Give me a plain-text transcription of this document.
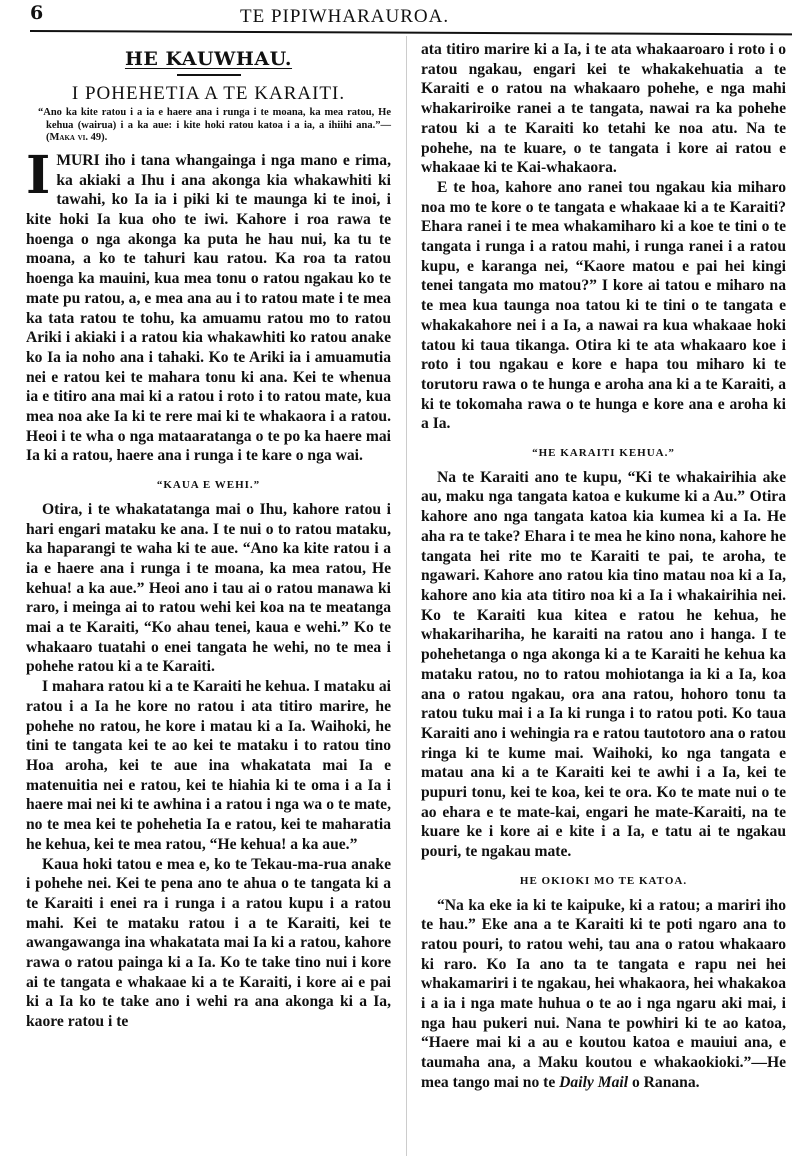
6	TE PIPIWHARAUROA.
HE KAUWHAU.
I POHEHETIA A TE KARAITI.
“Ano ka kite ratou i a ia e haere ana i runga i te moana, ka mea ratou, He kehua (wairua) i a ka aue: i kite hoki ratou katoa i a ia, a ihiihi ana.”—(Maka vi. 49).

IMURI iho i tana whangainga i nga mano e rima, ka akiaki a Ihu i ana akonga kia whakawhiti ki tawahi, ko Ia ia i piki ki te maunga ki te inoi, i kite hoki Ia kua oho te iwi. Kahore i roa rawa te hoenga o nga akonga ka puta he hau nui, ka tu te moana, a ko te tahuri kau ratou. Ka roa ta ratou hoenga ka mauini, kua mea tonu o ratou ngakau ko te mate pu ratou, a, e mea ana au i to ratou mate i te mea ka tata ratou te tohu, ka amuamu ratou mo to ratou Ariki i akiaki i a ratou kia whakawhiti ko ratou anake ko Ia ia noho ana i tahaki. Ko te Ariki ia i amuamutia nei e ratou kei te mahara tonu ki ana. Kei te whenua ia e titiro ana mai ki a ratou i roto i to ratou mate, kua mea noa ake Ia ki te rere mai ki te whakaora i a ratou. Heoi i te wha o nga mataaratanga o te po ka haere mai Ia ki a ratou, haere ana i runga i te kare o nga wai.

“KAUA E WEHI.”

Otira, i te whakatatanga mai o Ihu, kahore ratou i hari engari mataku ke ana. I te nui o to ratou mataku, ka haparangi te waha ki te aue. “Ano ka kite ratou i a ia e haere ana i runga i te moana, ka mea ratou, He kehua! a ka aue.” Heoi ano i tau ai o ratou manawa ki raro, i meinga ai to ratou wehi kei koa na te meatanga mai a te Karaiti, “Ko ahau tenei, kaua e wehi.” Ko te whakaaro tuatahi o enei tangata he wehi, no te mea i pohehe ratou ki a te Karaiti.

I mahara ratou ki a te Karaiti he kehua. I mataku ai ratou i a Ia he kore no ratou i ata titiro marire, he pohehe no ratou, he kore i matau ki a Ia. Waihoki, he tini te tangata kei te ao kei te mataku i to ratou tino Hoa aroha, kei te aue ina whakatata mai Ia e matenuitia nei e ratou, kei te hiahia ki te oma i a Ia i haere mai nei ki te awhina i a ratou i nga wa o te mate, no te mea kei te pohehetia Ia e ratou, kei te maharatia he kehua, kei te mea ratou, “He kehua! a ka aue.”

Kaua hoki tatou e mea e, ko te Tekau-ma-rua anake i pohehe nei. Kei te pena ano te ahua o te tangata ki a te Karaiti i enei ra i runga i a ratou kupu i a ratou mahi. Kei te mataku ratou i a te Karaiti, kei te awangawanga ina whakatata mai Ia ki a ratou, kahore rawa o ratou painga ki a Ia. Ko te take tino nui i kore ai te tangata e whakaae ki a te Karaiti, i kore ai e pai ki a Ia ko te take ano i wehi ra ana akonga ki a Ia, kaore ratou i te

ata titiro marire ki a Ia, i te ata whakaaroaro i roto i o ratou ngakau, engari kei te whakakehuatia a te Karaiti e o ratou na whakaaro pohehe, e nga mahi whakariroike ranei a te tangata, nawai ra ka pohehe ratou ki a te Karaiti ko tetahi ke noa atu. Na te pohehe, na te kuare, o te tangata i kore ai ratou e whakaae ki te Kai-whakaora.

E te hoa, kahore ano ranei tou ngakau kia miharo noa mo te kore o te tangata e whakaae ki a te Karaiti? Ehara ranei i te mea whakamiharo ki a koe te tini o te tangata i runga i a ratou mahi, i runga ranei i a ratou kupu, e karanga nei, “Kaore matou e pai hei kingi tenei tangata mo matou?” I kore ai tatou e miharo na te mea kua taunga noa tatou ki te tini o te tangata e whakakahore nei i a Ia, a nawai ra kua whakaae hoki tatou ki taua tikanga. Otira ki te ata whakaaro koe i roto i tou ngakau e kore e hapa tou miharo ki te torutoru rawa o te hunga e aroha ana ki a te Karaiti, a ki te tokomaha rawa o te hunga e kore ana e aroha ki a Ia.

“HE KARAITI KEHUA.”

Na te Karaiti ano te kupu, “Ki te whakairihia ake au, maku nga tangata katoa e kukume ki a Au.” Otira kahore ano nga tangata katoa kia kumea ki a Ia. He aha ra te take? Ehara i te mea he kino nona, kahore he tangata hei rite mo te Karaiti te pai, te aroha, te ngawari. Kahore ano ratou kia tino matau noa ki a Ia, kahore ano kia ata titiro noa ki a Ia i whakairihia nei. Ko te Karaiti kua kitea e ratou he kehua, he whakarihariha, he karaiti na ratou ano i hanga. I te pohehetanga o nga akonga ki a te Karaiti he kehua ka mataku ratou, no to ratou mohiotanga ia ki a Ia, koa ana o ratou ngakau, ora ana ratou, hohoro tonu ta ratou tuku mai i a Ia ki runga i to ratou poti. Ko taua Karaiti ano i wehingia ra e ratou tautotoro ana o ratou ringa ki te kume mai. Waihoki, ko nga tangata e matau ana ki a te Karaiti kei te awhi i a Ia, kei te pupuri tonu, kei te koa, kei te ora. Ko te mate nui o te ao ehara e te mate-kai, engari he mate-Karaiti, na te kuare ke i kore ai e kite i a Ia, e tatu ai te ngakau pouri, te ngakau mate.

HE OKIOKI MO TE KATOA.

“Na ka eke ia ki te kaipuke, ki a ratou; a mariri iho te hau.” Eke ana a te Karaiti ki te poti ngaro ana to ratou pouri, to ratou wehi, tau ana o ratou whakaaro ki raro. Ko Ia ano ta te tangata e rapu nei hei whakamariri i te ngakau, hei whakaora, hei whakakoa i a ia i nga mate huhua o te ao i nga ngaru aki mai, i nga hau pukeri nui. Nana te powhiri ki te ao katoa, “Haere mai ki a au e koutou katoa e mauiui ana, e taumaha ana, a Maku koutou e whakaokioki.”—He mea tango mai no te Daily Mail o Ranana.
